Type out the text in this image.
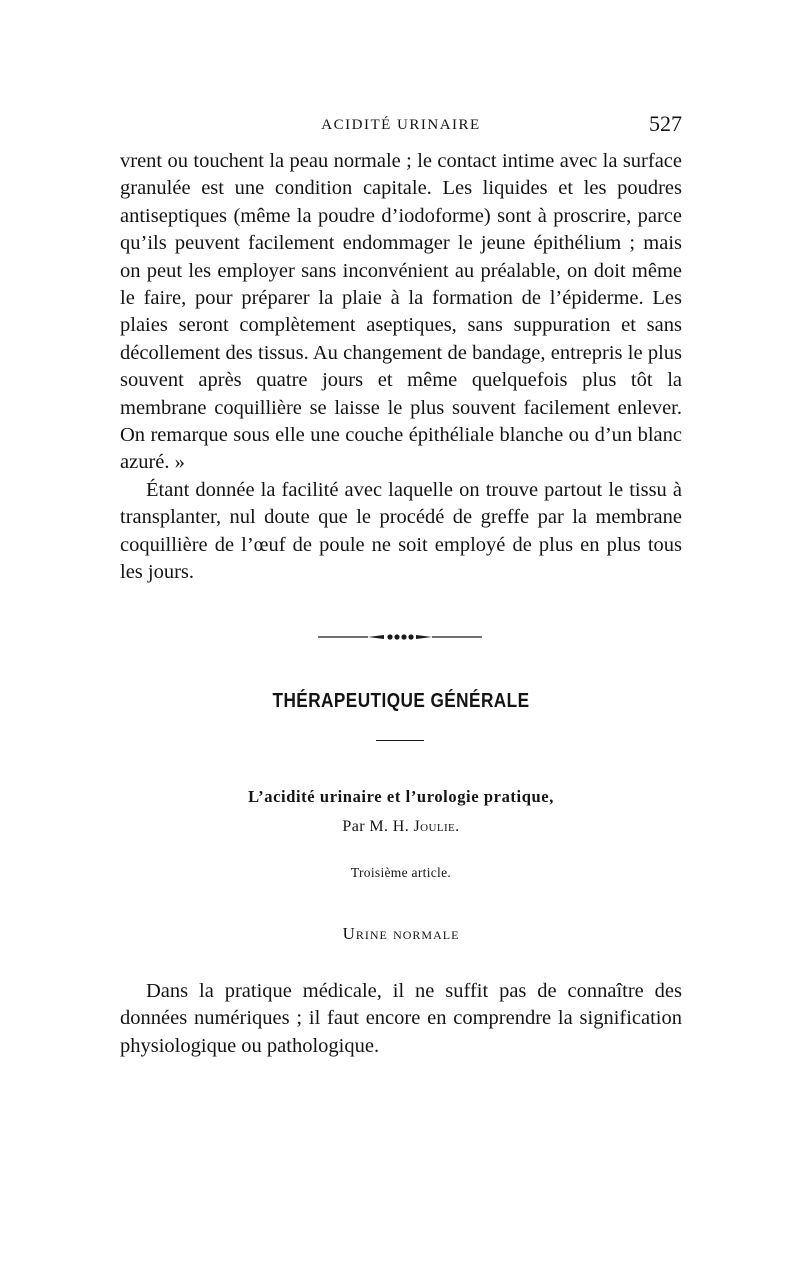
ACIDITÉ URINAIRE	527

vrent ou touchent la peau normale ; le contact intime avec la surface granulée est une condition capitale. Les liquides et les poudres antiseptiques (même la poudre d’iodoforme) sont à proscrire, parce qu’ils peuvent facilement endommager le jeune épithélium ; mais on peut les employer sans inconvénient au préalable, on doit même le faire, pour préparer la plaie à la formation de l’épiderme. Les plaies seront complètement aseptiques, sans suppuration et sans décollement des tissus. Au changement de bandage, entrepris le plus souvent après quatre jours et même quelquefois plus tôt la membrane coquillière se laisse le plus souvent facilement enlever. On remarque sous elle une couche épithéliale blanche ou d’un blanc azuré. »

Étant donnée la facilité avec laquelle on trouve partout le tissu à transplanter, nul doute que le procédé de greffe par la membrane coquillière de l’œuf de poule ne soit employé de plus en plus tous les jours.

THÉRAPEUTIQUE GÉNÉRALE
L’acidité urinaire et l’urologie pratique,
Par M. H. Joulie.
Troisième article.
Urine normale

Dans la pratique médicale, il ne suffit pas de connaître des données numériques ; il faut encore en comprendre la signification physiologique ou pathologique.
